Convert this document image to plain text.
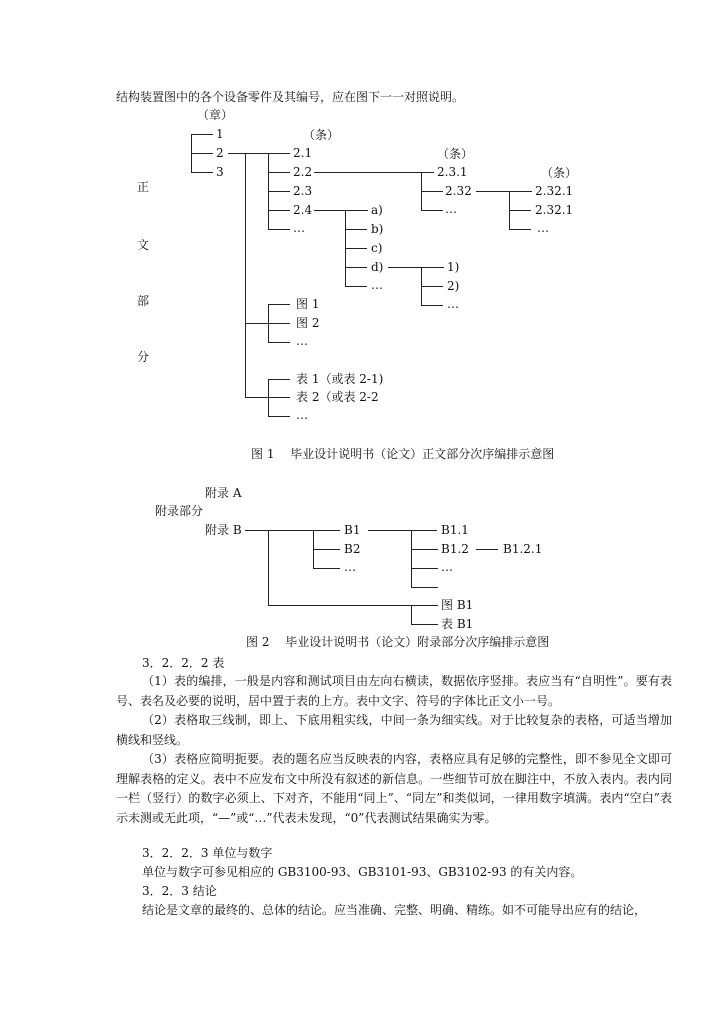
结构装置图中的各个设备零件及其编号，应在图下一一对照说明。
（章）
（条）
（条）
（条）
正
文
部
分
1
2
3
2.1
2.2
2.3
2.4
…
2.3.1
2.32
…
2.32.1
2.32.1
…
a)
b)
c)
d)
…
1)
2)
…
图 1
图 2
…
表 1（或表 2-1)
表 2（或表 2-2
…
图 1　 毕业设计说明书（论文）正文部分次序编排示意图
附录 A
附录部分
附录 B	B1
B2
…
B1.1
B1.2
…
B1.2.1
图 B1
表 B1
图 2　 毕业设计说明书（论文）附录部分次序编排示意图
3．2．2．2 表
（1）表的编排，一般是内容和测试项目由左向右横读，数据依序竖排。表应当有“自明性”。要有表号、表名及必要的说明，居中置于表的上方。表中文字、符号的字体比正文小一号。
（2）表格取三线制，即上、下底用粗实线，中间一条为细实线。对于比较复杂的表格，可适当增加横线和竖线。
（3）表格应简明扼要。表的题名应当反映表的内容，表格应具有足够的完整性，即不参见全文即可理解表格的定义。表中不应发布文中所没有叙述的新信息。一些细节可放在脚注中，不放入表内。表内同一栏（竖行）的数字必须上、下对齐，不能用“同上”、“同左”和类似词，一律用数字填满。表内“空白”表示未测或无此项，“—”或“…”代表未发现，“0”代表测试结果确实为零。
3．2．2．3 单位与数字
单位与数字可参见相应的 GB3100-93、GB3101-93、GB3102-93 的有关内容。
3．2．3 结论
结论是文章的最终的、总体的结论。应当准确、完整、明确、精练。如不可能导出应有的结论，
